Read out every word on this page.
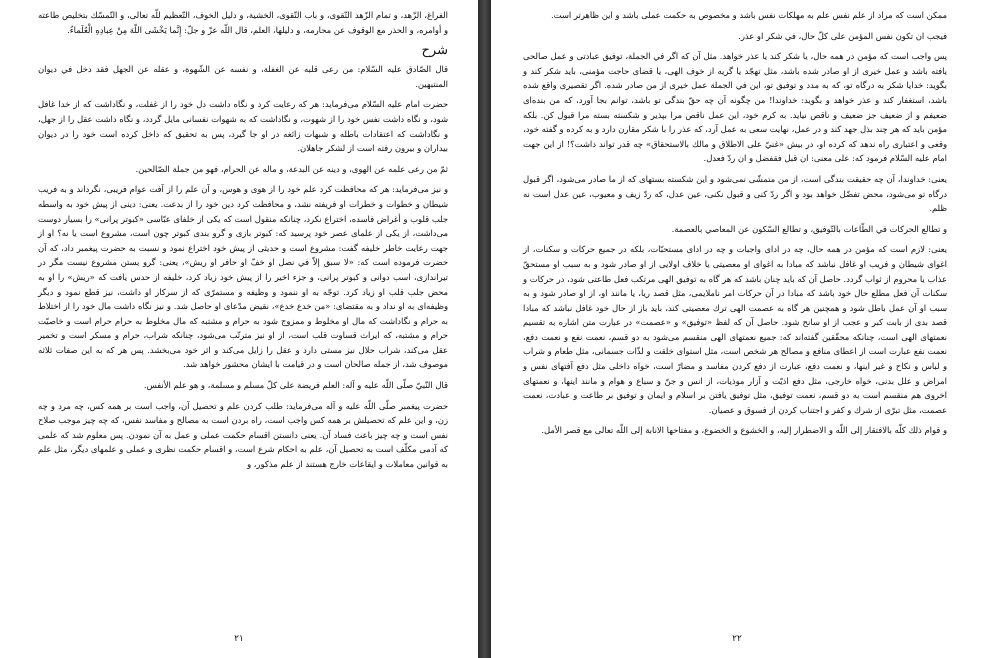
الفراغ، الزّهد، و تمام الزّهد التّقوى، و باب التّقوى، الخشية، و دليل الخوف، التّعظيم للّه تعالى، و التّمسّك بتخليص طاعته و أوامره، و الحذر مع الوقوف عن محارمه، و دليلها، العلم، قال اللّه عزّ و جلّ: إِنَّما يَخْشَى اللّهَ مِنْ عِبادِهِ الْعُلَماءُ.

شرح

قال الصّادق عليه السّلام: من رعى قلبه عن الغفلة، و نفسه عن الشّهوة، و عقله عن الجهل فقد دخل في ديوان المنتبهين.

حضرت امام عليه السّلام مى‌فرمايد: هر كه رعايت كرد و نگاه داشت دل خود را از غفلت، و نگاداشت كه از خدا غافل شود، و نگاه داشت نفس خود را از شهوت، و نگاداشت كه به شهوات نفسانى مايل گردد، و نگاه داشت عقل را از جهل، و نگاداشت كه اعتقادات باطله و شبهات زائغه در او جا گيرد، پس به تحقيق كه داخل كرده است خود را در ديوان بيداران و بيرون رفته است از لشكر جاهلان.

ثمّ من رعى علمه عن الهوى، و دينه عن البدعة، و ماله عن الحرام، فهو من جملة الصّالحين.

و نيز مى‌فرمايد: هر كه محافظت كرد علم خود را از هوى و هوس، و آن علم را از آفت عوام فريبى، نگرداند و به فريب شيطان و خطوات و خطرات او فريفته نشد، و محافظت كرد دين خود را از بدعت. يعنى: دينى از پيش خود به واسطه جلب قلوب و أغراض فاسده، اختراع نكرد، چنانكه منقول است كه يكى از خلفاى عبّاسى «كبوتر پرانى» را بسيار دوست مى‌داشت، از يكى از علماى عصر خود پرسيد كه: كبوتر بازى و گرو بندى كبوتر چون است، مشروع است يا نه؟ او از جهت رعايت خاطر خليفه گفت: مشروع است و حديثى از پيش خود اختراع نمود و نسبت به حضرت پيغمبر داد، كه آن حضرت فرموده است كه: «لا سبق إلاّ في نصل او خفّ او حافر او ريش»، يعنى: گرو بستن مشروع نيست مگر در تيراندازى، اسب دوانى و كبوتر پرانى، و جزء اخير را از پيش خود زياد كرد، خليفه از حدس يافت كه «ريش» را او به محض جلب قلب او زياد كرد. توجّه به او ننمود و وظيفه و مستمرّى كه از سركار او داشت، نيز قطع نمود و ديگر وظيفه‌اى به او نداد و به مقتضاى: «من خدع خدع»، نقيض مدّعاى او حاصل شد. و نيز نگاه داشت مال خود را از اختلاط به حرام و نگاداشت كه مال او مخلوط و ممزوج شود به حرام و مشتبه كه مال مخلوط به حرام حرام است و خاصيّت حرام و مشتبه، كه ايراث قساوت قلب است، از او نيز مترتّب مى‌شود، چنانكه شراب، حرام و مسكر است و تخمير عقل مى‌كند، شراب حلال نيز مستى دارد و عقل را زايل مى‌كند و اثر خود مى‌بخشد. پس هر كه به اين صفات ثلاثه موصوف شد، از جمله صالحان است و در قيامت با ايشان محشور خواهد شد.

قال النّبيّ صلّى اللّه عليه و آله: العلم فريضة على كلّ مسلم و مسلمة، و هو علم الأنفس.

حضرت پيغمبر صلّى اللّه عليه و آله مى‌فرمايد: طلب كردن علم و تحصيل آن، واجب است بر همه كس، چه مرد و چه زن، و اين علم كه تحصيلش بر همه كس واجب است، راه بردن است به مصالح و مفاسد نفس، كه چه چيز موجب صلاح نفس است و چه چيز باعث فساد آن. يعنى دانستن اقسام حكمت عملى و عمل به آن نمودن. پس معلوم شد كه علمى كه آدمى مكلّف است به تحصيل آن، علم به احكام شرع است، و اقسام حكمت نظرى و عملى و علمهاى ديگر، مثل علم به قوانين معاملات و ايقاعات خارج هستند از علم مذكور، و

۲۱

ممكن است كه مراد از علم نفس علم به مهلكات نفس باشد و مخصوص به حكمت عملى باشد و اين ظاهرتر است.

فيجب ان تكون نفس المؤمن على كلّ حال، في شكر او عذر.

پس واجب است كه مؤمن در همه حال، يا شكر كند يا عذر خواهد. مثل آن كه اگر في الجملة، توفيق عبادتى و عمل صالحى يافته باشد و عمل خيرى از او صادر شده باشد، مثل تهجّد يا گريه از خوف الهى، يا قضاى حاجت مؤمنى، بايد شكر كند و بگويد: خدايا شكر به درگاه تو، كه به مدد و توفيق تو، اين في الجملة عمل خيرى از من صادر شده. اگر تقصيرى واقع شده باشد، استغفار كند و عذر خواهد و بگويد: خداوندا! من چگونه آن چه حقّ بندگى تو باشد، توانم بجا آورد، كه من بنده‌اى ضعيفم و از ضعيف جز ضعيف و ناقص نيايد. به كرم خود، اين عمل ناقص مرا بپذير و شكسته بسته مرا قبول كن. بلكه مؤمن بايد كه هر چند بذل جهد كند و در عمل، نهايت سعى به عمل آرد، كه عذر را با شكر مقارن دارد و به كرده و گفته خود، وقعى و اعتبارى راه ندهد كه كرده او، در بيش «غنيّ على الاطلاق و مالك بالاستحقاق» چه قدر تواند داشت؟! از اين جهت امام عليه السّلام فرمود كه: على معنى: ان قبل فقفضل و ان ردّ فعدل.

يعنى: خداوندا، آن چه حقيقت بندگى است، از من متمشّى نمى‌شود و اين شكسته بستهاى كه از ما صادر مى‌شود، اگر قبول درگاه تو مى‌شود، محض تفضّل خواهد بود و اگر ردّ كنى و قبول نكنى، عين عدل، كه ردّ زيف و معيوب، عين عدل است نه ظلم.

و تطالع الحركات في الطّاعات بالتّوفيق، و تطالع السّكون عن المعاصي بالعصمة.

يعنى: لازم است كه مؤمن در همه حال، چه در اداى واجبات و چه در اداى مستحبّات، بلكه در جميع حركات و سكنات، از اغواى شيطان و فريب او غافل نباشد كه مبادا به اغواى او معصيتى يا خلاف اولايى از او صادر شود و به سبب او مستحقّ عذاب يا محروم از ثواب گردد. حاصل آن كه بايد چنان باشد كه هر گاه به توفيق الهى مرتكب فعل طاعتى شود، در حركات و سكنات آن فعل مطلع حال خود باشد كه مبادا در آن حركات امر ناملايمى، مثل قصد ريا، يا مانند او، از او صادر شود و به سبب او آن عمل باطل شود و همچنين هر گاه به عصمت الهى ترك معصيتى كند، بايد باز از حال خود غافل نباشد كه مبادا قصد بدى از بابت كبر و عجب از او سانح شود. حاصل آن كه لفظ «توفيق» و «عصمت» در عبارت متن اشاره به تقسيم نعمتهاى الهى است، چنانكه محقّقين گفته‌اند كه: جميع نعمتهاى الهى منقسم مى‌شود به دو قسم، نعمت نفع و نعمت دفع، نعمت نفع عبارت است از اعطاى منافع و مصالح هر شخص است، مثل استواى خلقت و لذّات جسمانى، مثل طعام و شراب و لباس و نكاح و غير اينها، و نعمت دفع، عبارت از دفع كردن مفاسد و مضارّ است، خواه داخلى مثل دفع آفتهاى نفس و امراض و علل بدنى، خواه خارجى، مثل دفع اذيّت و آزار موذيات، از انس و جنّ و سباع و هوام و مانند اينها، و نعمتهاى اخروى هم منقسم است به دو قسم، نعمت توفيق، مثل توفيق يافتن بر اسلام و ايمان و توفيق بر طاعت و عبادت، نعمت عصمت، مثل تبرّى از شرك و كفر و اجتناب كردن از فسوق و عصيان.

و قوام ذلك كلّه بالافتقار إلى اللّه و الاضطرار إليه، و الخشوع و الخضوع، و مفتاحها الانابة إلى اللّه تعالى مع قصر الأمل.

۲۲
